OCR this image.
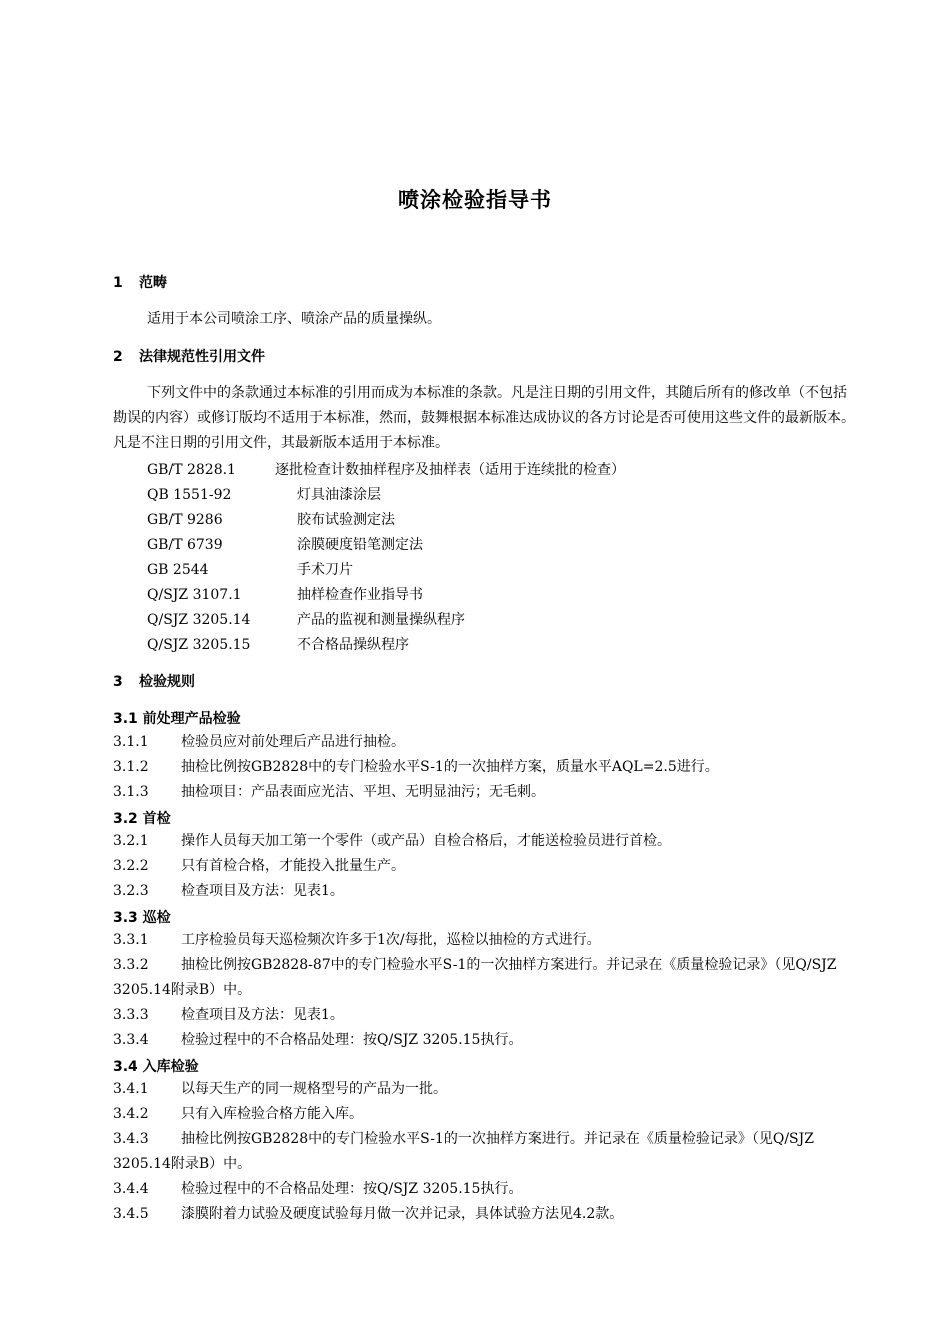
喷涂检验指导书
1 范畴
适用于本公司喷涂工序、喷涂产品的质量操纵。
2 法律规范性引用文件
下列文件中的条款通过本标准的引用而成为本标准的条款。凡是注日期的引用文件，其随后所有的修改单（不包括勘误的内容）或修订版均不适用于本标准，然而，鼓舞根据本标准达成协议的各方讨论是否可使用这些文件的最新版本。凡是不注日期的引用文件，其最新版本适用于本标准。
GB/T 2828.1	逐批检查计数抽样程序及抽样表（适用于连续批的检查）
QB 1551-92	灯具油漆涂层
GB/T 9286	胶布试验测定法
GB/T 6739	涂膜硬度铅笔测定法
GB 2544	手术刀片
Q/SJZ 3107.1	抽样检查作业指导书
Q/SJZ 3205.14	产品的监视和测量操纵程序
Q/SJZ 3205.15	不合格品操纵程序
3 检验规则
3.1 前处理产品检验
3.1.1 检验员应对前处理后产品进行抽检。
3.1.2 抽检比例按GB2828中的专门检验水平S-1的一次抽样方案，质量水平AQL=2.5进行。
3.1.3 抽检项目：产品表面应光洁、平坦、无明显油污；无毛刺。
3.2 首检
3.2.1 操作人员每天加工第一个零件（或产品）自检合格后，才能送检验员进行首检。
3.2.2 只有首检合格，才能投入批量生产。
3.2.3 检查项目及方法：见表1。
3.3 巡检
3.3.1 工序检验员每天巡检频次许多于1次/每批，巡检以抽检的方式进行。
3.3.2 抽检比例按GB2828-87中的专门检验水平S-1的一次抽样方案进行。并记录在《质量检验记录》（见Q/SJZ 3205.14附录B）中。
3.3.3 检查项目及方法：见表1。
3.3.4 检验过程中的不合格品处理：按Q/SJZ 3205.15执行。
3.4 入库检验
3.4.1 以每天生产的同一规格型号的产品为一批。
3.4.2 只有入库检验合格方能入库。
3.4.3 抽检比例按GB2828中的专门检验水平S-1的一次抽样方案进行。并记录在《质量检验记录》（见Q/SJZ 3205.14附录B）中。
3.4.4 检验过程中的不合格品处理：按Q/SJZ 3205.15执行。
3.4.5 漆膜附着力试验及硬度试验每月做一次并记录，具体试验方法见4.2款。
